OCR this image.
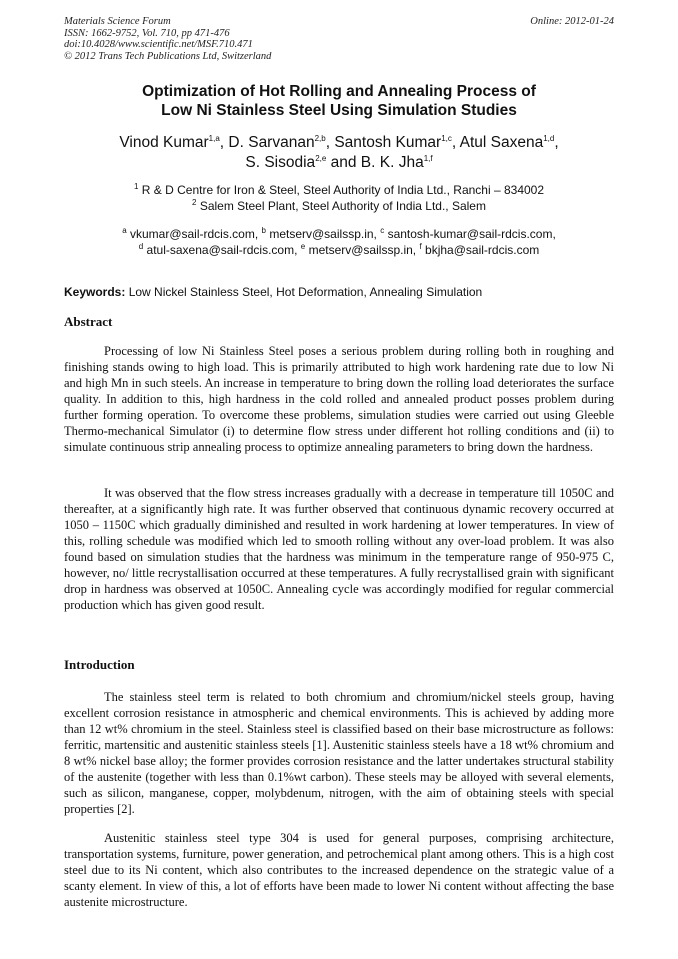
Materials Science Forum
ISSN: 1662-9752, Vol. 710, pp 471-476
doi:10.4028/www.scientific.net/MSF.710.471
© 2012 Trans Tech Publications Ltd, Switzerland
Online: 2012-01-24
Optimization of Hot Rolling and Annealing Process of
Low Ni Stainless Steel Using Simulation Studies
Vinod Kumar$^{1,a}$, D. Sarvanan$^{2,b}$, Santosh Kumar$^{1,c}$, Atul Saxena$^{1,d}$,
S. Sisodia$^{2,e}$ and B. K. Jha$^{1,f}$
$^1$ R & D Centre for Iron & Steel, Steel Authority of India Ltd., Ranchi – 834002
$^2$ Salem Steel Plant, Steel Authority of India Ltd., Salem
$^a$ vkumar@sail-rdcis.com, $^b$ metserv@sailssp.in, $^c$ santosh-kumar@sail-rdcis.com,
$^d$ atul-saxena@sail-rdcis.com, $^e$ metserv@sailssp.in, $^f$ bkjha@sail-rdcis.com
Keywords: Low Nickel Stainless Steel, Hot Deformation, Annealing Simulation
Abstract

Processing of low Ni Stainless Steel poses a serious problem during rolling both in roughing and finishing stands owing to high load. This is primarily attributed to high work hardening rate due to low Ni and high Mn in such steels. An increase in temperature to bring down the rolling load deteriorates the surface quality. In addition to this, high hardness in the cold rolled and annealed product posses problem during further forming operation. To overcome these problems, simulation studies were carried out using Gleeble Thermo-mechanical Simulator (i) to determine flow stress under different hot rolling conditions and (ii) to simulate continuous strip annealing process to optimize annealing parameters to bring down the hardness.

It was observed that the flow stress increases gradually with a decrease in temperature till 1050C and thereafter, at a significantly high rate. It was further observed that continuous dynamic recovery occurred at 1050 – 1150C which gradually diminished and resulted in work hardening at lower temperatures. In view of this, rolling schedule was modified which led to smooth rolling without any over-load problem. It was also found based on simulation studies that the hardness was minimum in the temperature range of 950-975 C, however, no/ little recrystallisation occurred at these temperatures. A fully recrystallised grain with significant drop in hardness was observed at 1050C. Annealing cycle was accordingly modified for regular commercial production which has given good result.

Introduction

The stainless steel term is related to both chromium and chromium/nickel steels group, having excellent corrosion resistance in atmospheric and chemical environments. This is achieved by adding more than 12 wt% chromium in the steel. Stainless steel is classified based on their base microstructure as follows: ferritic, martensitic and austenitic stainless steels [1]. Austenitic stainless steels have a 18 wt% chromium and 8 wt% nickel base alloy; the former provides corrosion resistance and the latter undertakes structural stability of the austenite (together with less than 0.1%wt carbon). These steels may be alloyed with several elements, such as silicon, manganese, copper, molybdenum, nitrogen, with the aim of obtaining steels with special properties [2].

Austenitic stainless steel type 304 is used for general purposes, comprising architecture, transportation systems, furniture, power generation, and petrochemical plant among others. This is a high cost steel due to its Ni content, which also contributes to the increased dependence on the strategic value of a scanty element. In view of this, a lot of efforts have been made to lower Ni content without affecting the base austenite microstructure.
